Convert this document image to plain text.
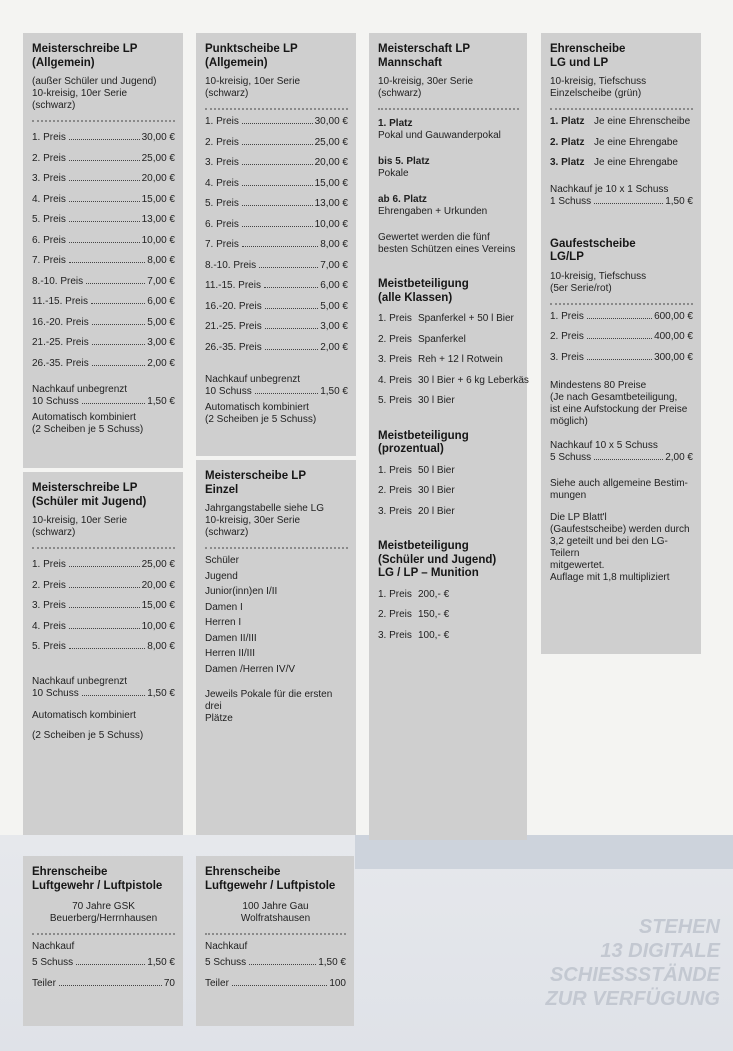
STEHEN
13 DIGITALE
SCHIESSSTÄNDE
ZUR VERFÜGUNG
Meisterschreibe LP
(Allgemein)
(außer Schüler und Jugend)
10-kreisig, 10er Serie
(schwarz)
1. Preis	30,00 €
2. Preis	25,00 €
3. Preis	20,00 €
4. Preis	15,00 €
5. Preis	13,00 €
6. Preis	10,00 €
7. Preis	8,00 €
8.-10. Preis	7,00 €
11.-15. Preis	6,00 €
16.-20. Preis	5,00 €
21.-25. Preis	3,00 €
26.-35. Preis	2,00 €
Nachkauf unbegrenzt
10 Schuss	1,50 €
Automatisch kombiniert
(2 Scheiben je 5 Schuss)
Meisterschreibe LP
(Schüler mit Jugend)
10-kreisig, 10er Serie
(schwarz)
1. Preis	25,00 €
2. Preis	20,00 €
3. Preis	15,00 €
4. Preis	10,00 €
5. Preis	8,00 €
Nachkauf unbegrenzt
10 Schuss	1,50 €
Automatisch kombiniert
(2 Scheiben je 5 Schuss)
Punktscheibe LP
(Allgemein)
10-kreisig, 10er Serie
(schwarz)
1. Preis	30,00 €
2. Preis	25,00 €
3. Preis	20,00 €
4. Preis	15,00 €
5. Preis	13,00 €
6. Preis	10,00 €
7. Preis	8,00 €
8.-10. Preis	7,00 €
11.-15. Preis	6,00 €
16.-20. Preis	5,00 €
21.-25. Preis	3,00 €
26.-35. Preis	2,00 €
Nachkauf unbegrenzt
10 Schuss	1,50 €
Automatisch kombiniert
(2 Scheiben je 5 Schuss)
Meisterscheibe LP
Einzel
Jahrgangstabelle siehe LG
10-kreisig, 30er Serie
(schwarz)
Schüler
Jugend
Junior(inn)en I/II
Damen I
Herren I
Damen II/III
Herren II/III
Damen /Herren IV/V
Jeweils Pokale für die ersten drei
Plätze
Meisterschaft LP
Mannschaft
10-kreisig, 30er Serie
(schwarz)
1. Platz
Pokal und Gauwanderpokal
bis 5. Platz
Pokale
ab 6. Platz
Ehrengaben + Urkunden
Gewertet werden die fünf
besten Schützen eines Vereins
Meistbeteiligung
(alle Klassen)
1. Preis Spanferkel + 50 l Bier
2. Preis Spanferkel
3. Preis Reh + 12 l Rotwein
4. Preis 30 l Bier + 6 kg Leberkäs
5. Preis 30 l Bier
Meistbeteiligung
(prozentual)
1. Preis 50 l Bier
2. Preis 30 l Bier
3. Preis 20 l Bier
Meistbeteiligung
(Schüler und Jugend)
LG / LP – Munition
1. Preis 200,- €
2. Preis 150,- €
3. Preis 100,- €
Ehrenscheibe
LG und LP
10-kreisig, Tiefschuss
Einzelscheibe (grün)
1. Platz Je eine Ehrenscheibe
2. Platz Je eine Ehrengabe
3. Platz Je eine Ehrengabe
Nachkauf je 10 x 1 Schuss
1 Schuss	1,50 €
Gaufestscheibe
LG/LP
10-kreisig, Tiefschuss
(5er Serie/rot)
1. Preis	600,00 €
2. Preis	400,00 €
3. Preis	300,00 €
Mindestens 80 Preise
(Je nach Gesamtbeteiligung,
ist eine Aufstockung der Preise
möglich)
Nachkauf 10 x 5 Schuss
5 Schuss	2,00 €
Siehe auch allgemeine Bestim-
mungen
Die LP Blatt'l
(Gaufestscheibe) werden durch
3,2 geteilt und bei den LG-Teilern
mitgewertet.
Auflage mit 1,8 multipliziert
Ehrenscheibe
Luftgewehr / Luftpistole
70 Jahre GSK
Beuerberg/Herrnhausen
Nachkauf
5 Schuss	1,50 €
Teiler	70
Ehrenscheibe
Luftgewehr / Luftpistole
100 Jahre Gau
Wolfratshausen
Nachkauf
5 Schuss	1,50 €
Teiler	100
